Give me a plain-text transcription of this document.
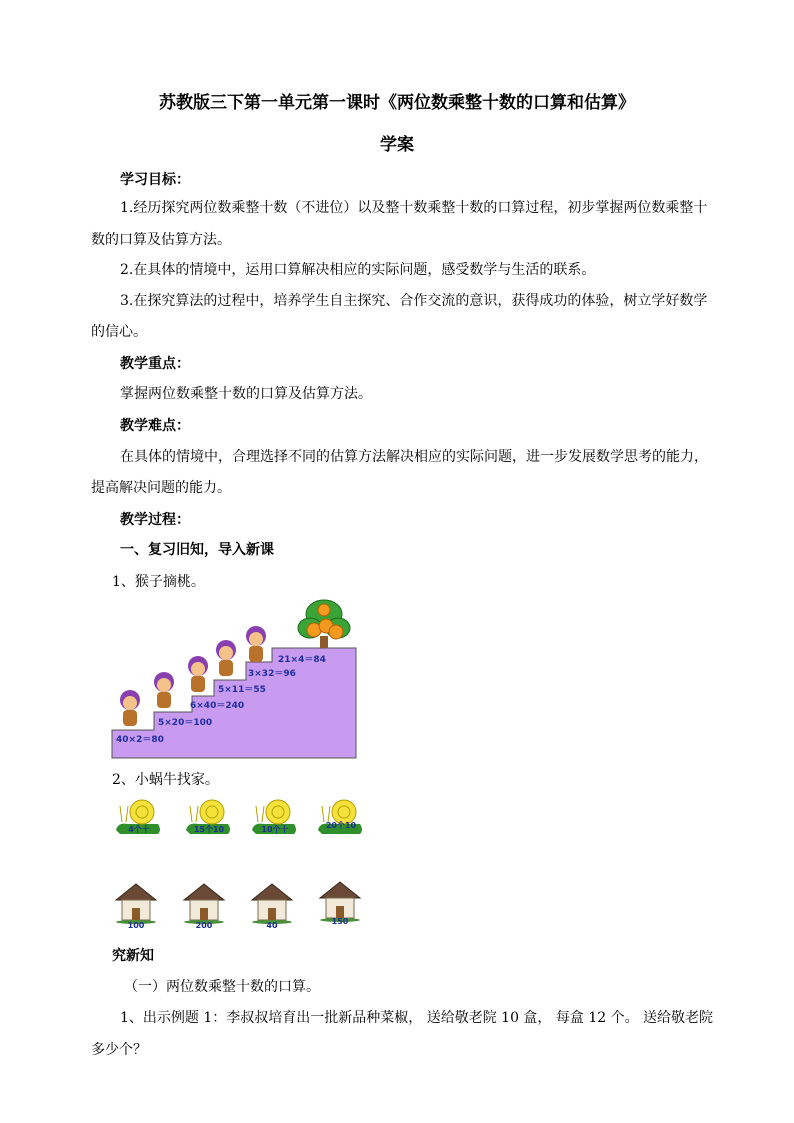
苏教版三下第一单元第一课时《两位数乘整十数的口算和估算》
学案
学习目标：
1.经历探究两位数乘整十数（不进位）以及整十数乘整十数的口算过程，初步掌握两位数乘整十
数的口算及估算方法。
2.在具体的情境中，运用口算解决相应的实际问题，感受数学与生活的联系。
3.在探究算法的过程中，培养学生自主探究、合作交流的意识，获得成功的体验，树立学好数学
的信心。
教学重点：
掌握两位数乘整十数的口算及估算方法。
教学难点：
在具体的情境中，合理选择不同的估算方法解决相应的实际问题，进一步发展数学思考的能力，
提高解决问题的能力。
教学过程：
一、复习旧知，导入新课
1、猴子摘桃。
40×2＝80
5×20＝100
6×40＝240
5×11＝55
3×32＝96
21×4＝84
2、小蜗牛找家。
4个十	15个10	10个十	20个10
100	200	40	150
究新知
（一）两位数乘整十数的口算。
1、出示例题 1：李叔叔培育出一批新品种菜椒， 送给敬老院 10 盒， 每盒 12 个。 送给敬老院
多少个？
